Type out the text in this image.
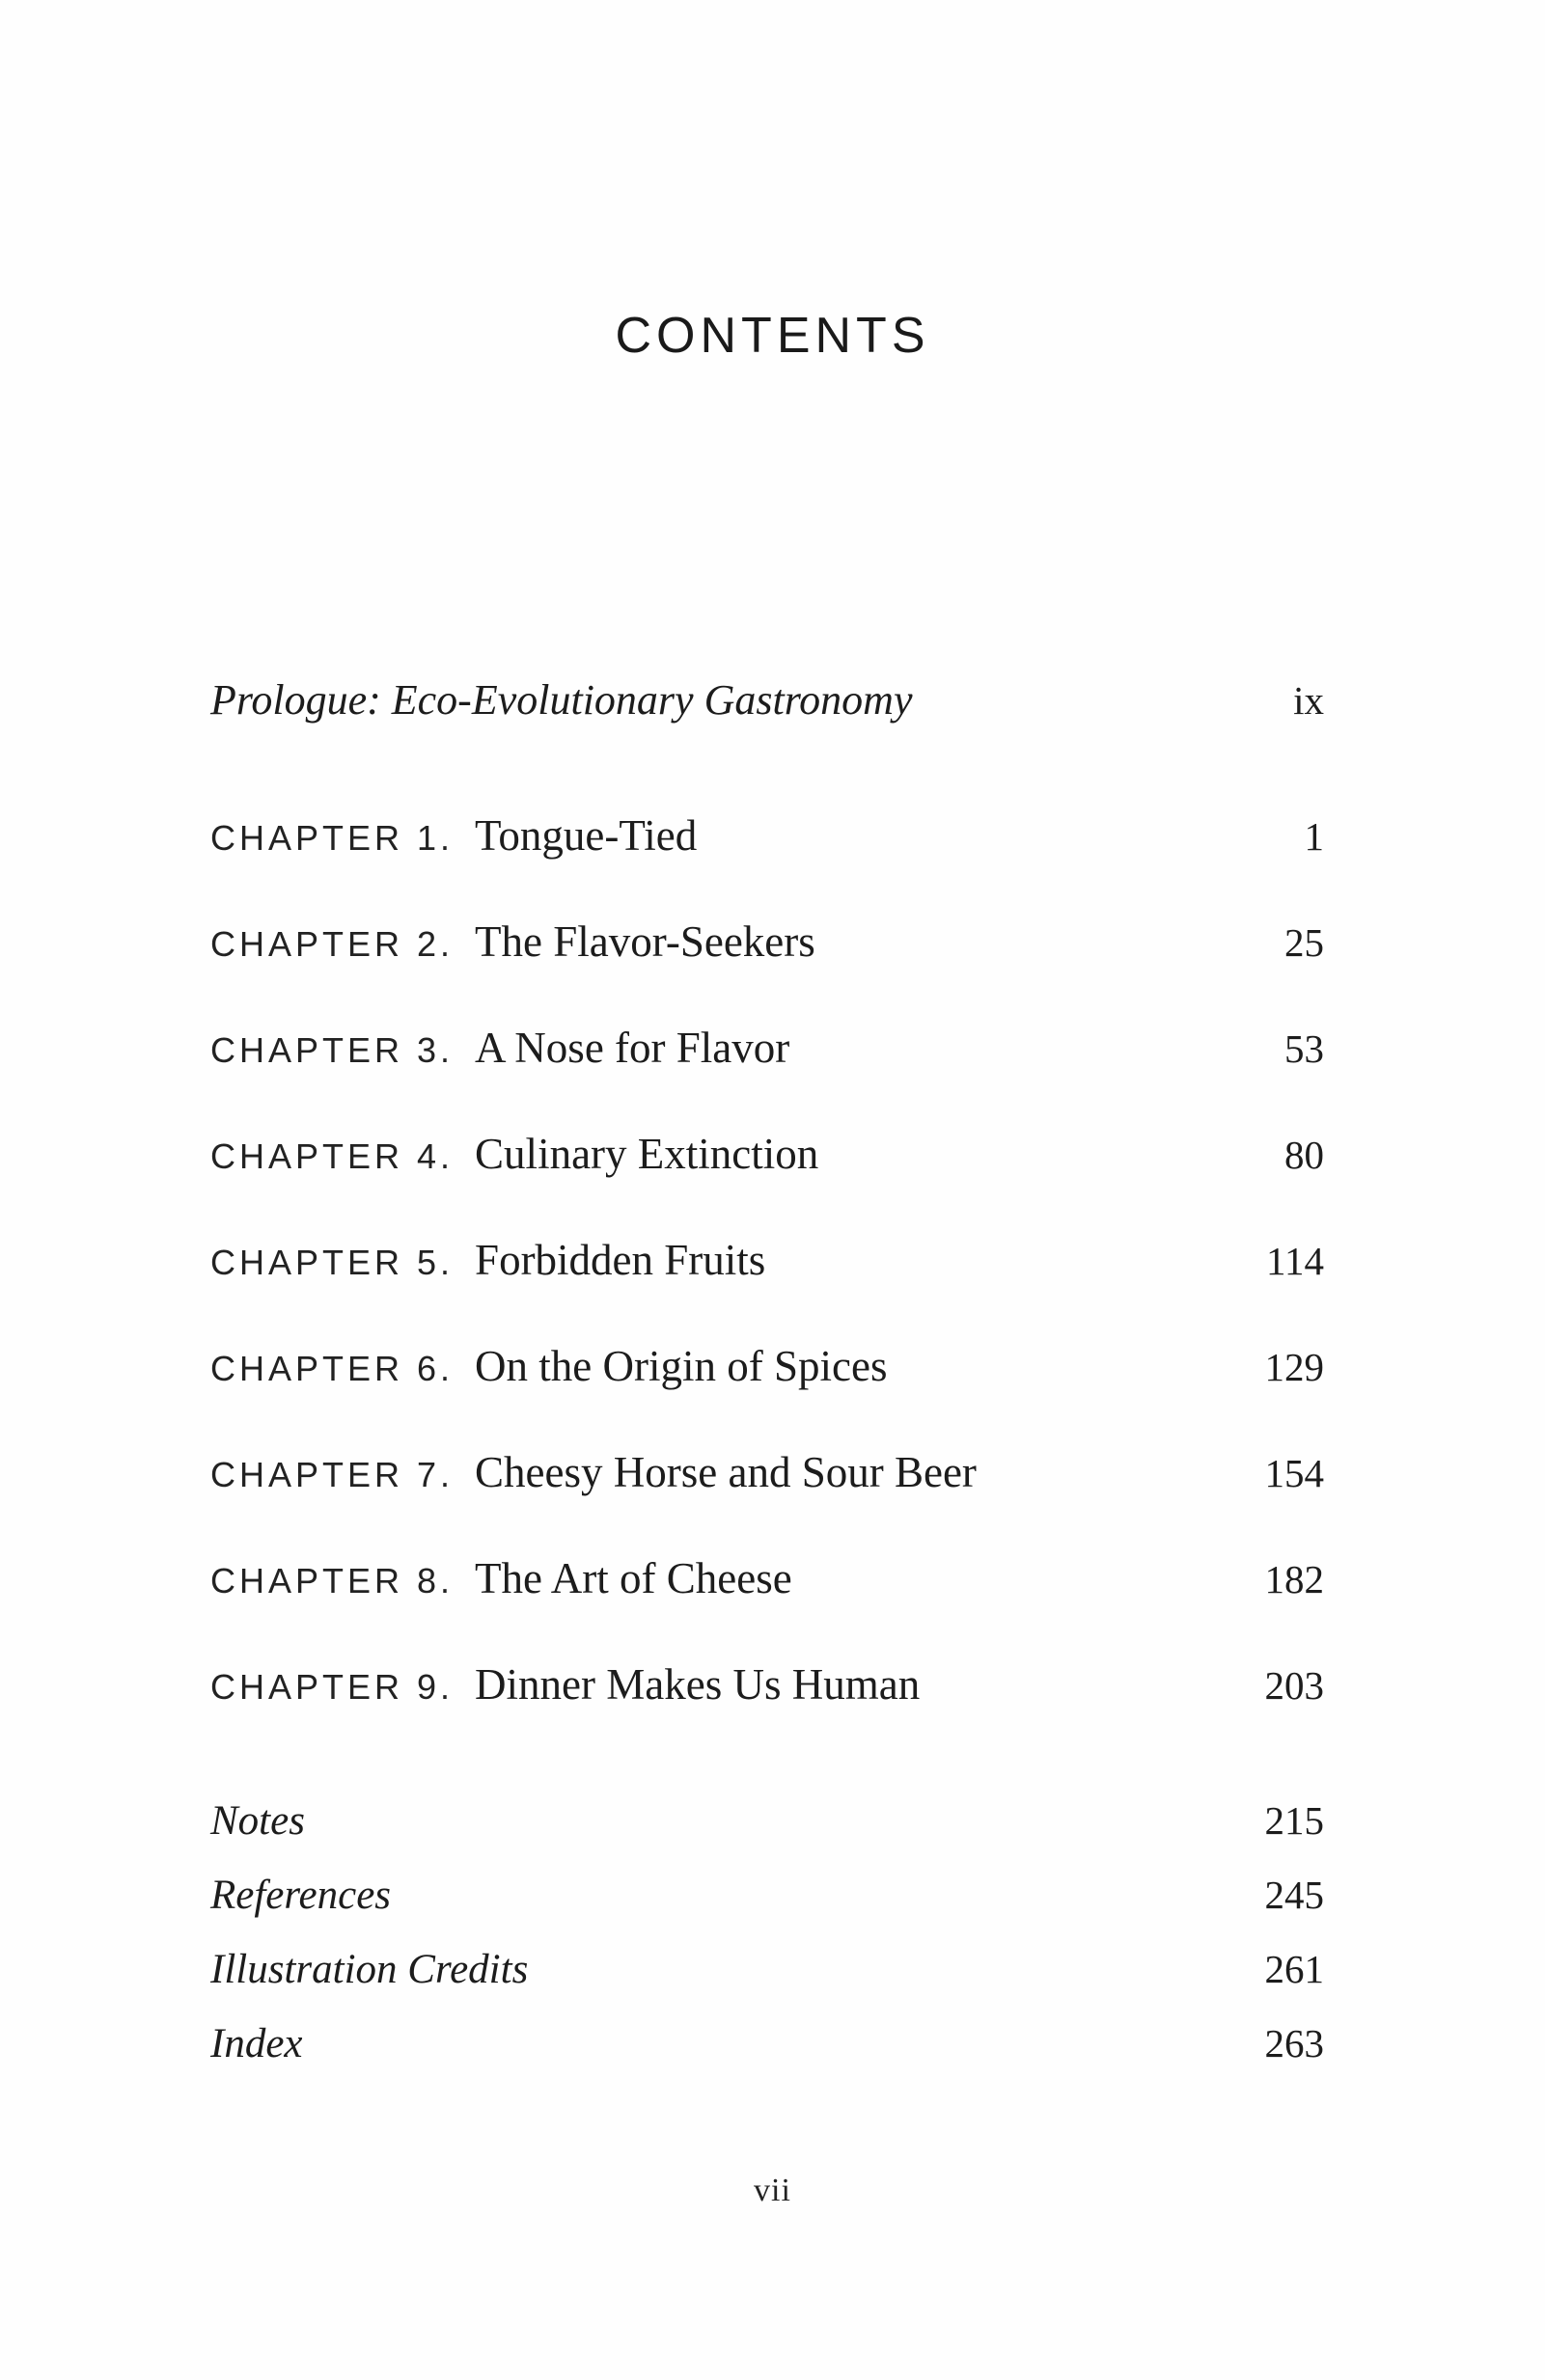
CONTENTS
Prologue: Eco-Evolutionary Gastronomy	ix
CHAPTER 1. Tongue-Tied	1
CHAPTER 2. The Flavor-Seekers	25
CHAPTER 3. A Nose for Flavor	53
CHAPTER 4. Culinary Extinction	80
CHAPTER 5. Forbidden Fruits	114
CHAPTER 6. On the Origin of Spices	129
CHAPTER 7. Cheesy Horse and Sour Beer	154
CHAPTER 8. The Art of Cheese	182
CHAPTER 9. Dinner Makes Us Human	203
Notes	215
References	245
Illustration Credits	261
Index	263
vii
